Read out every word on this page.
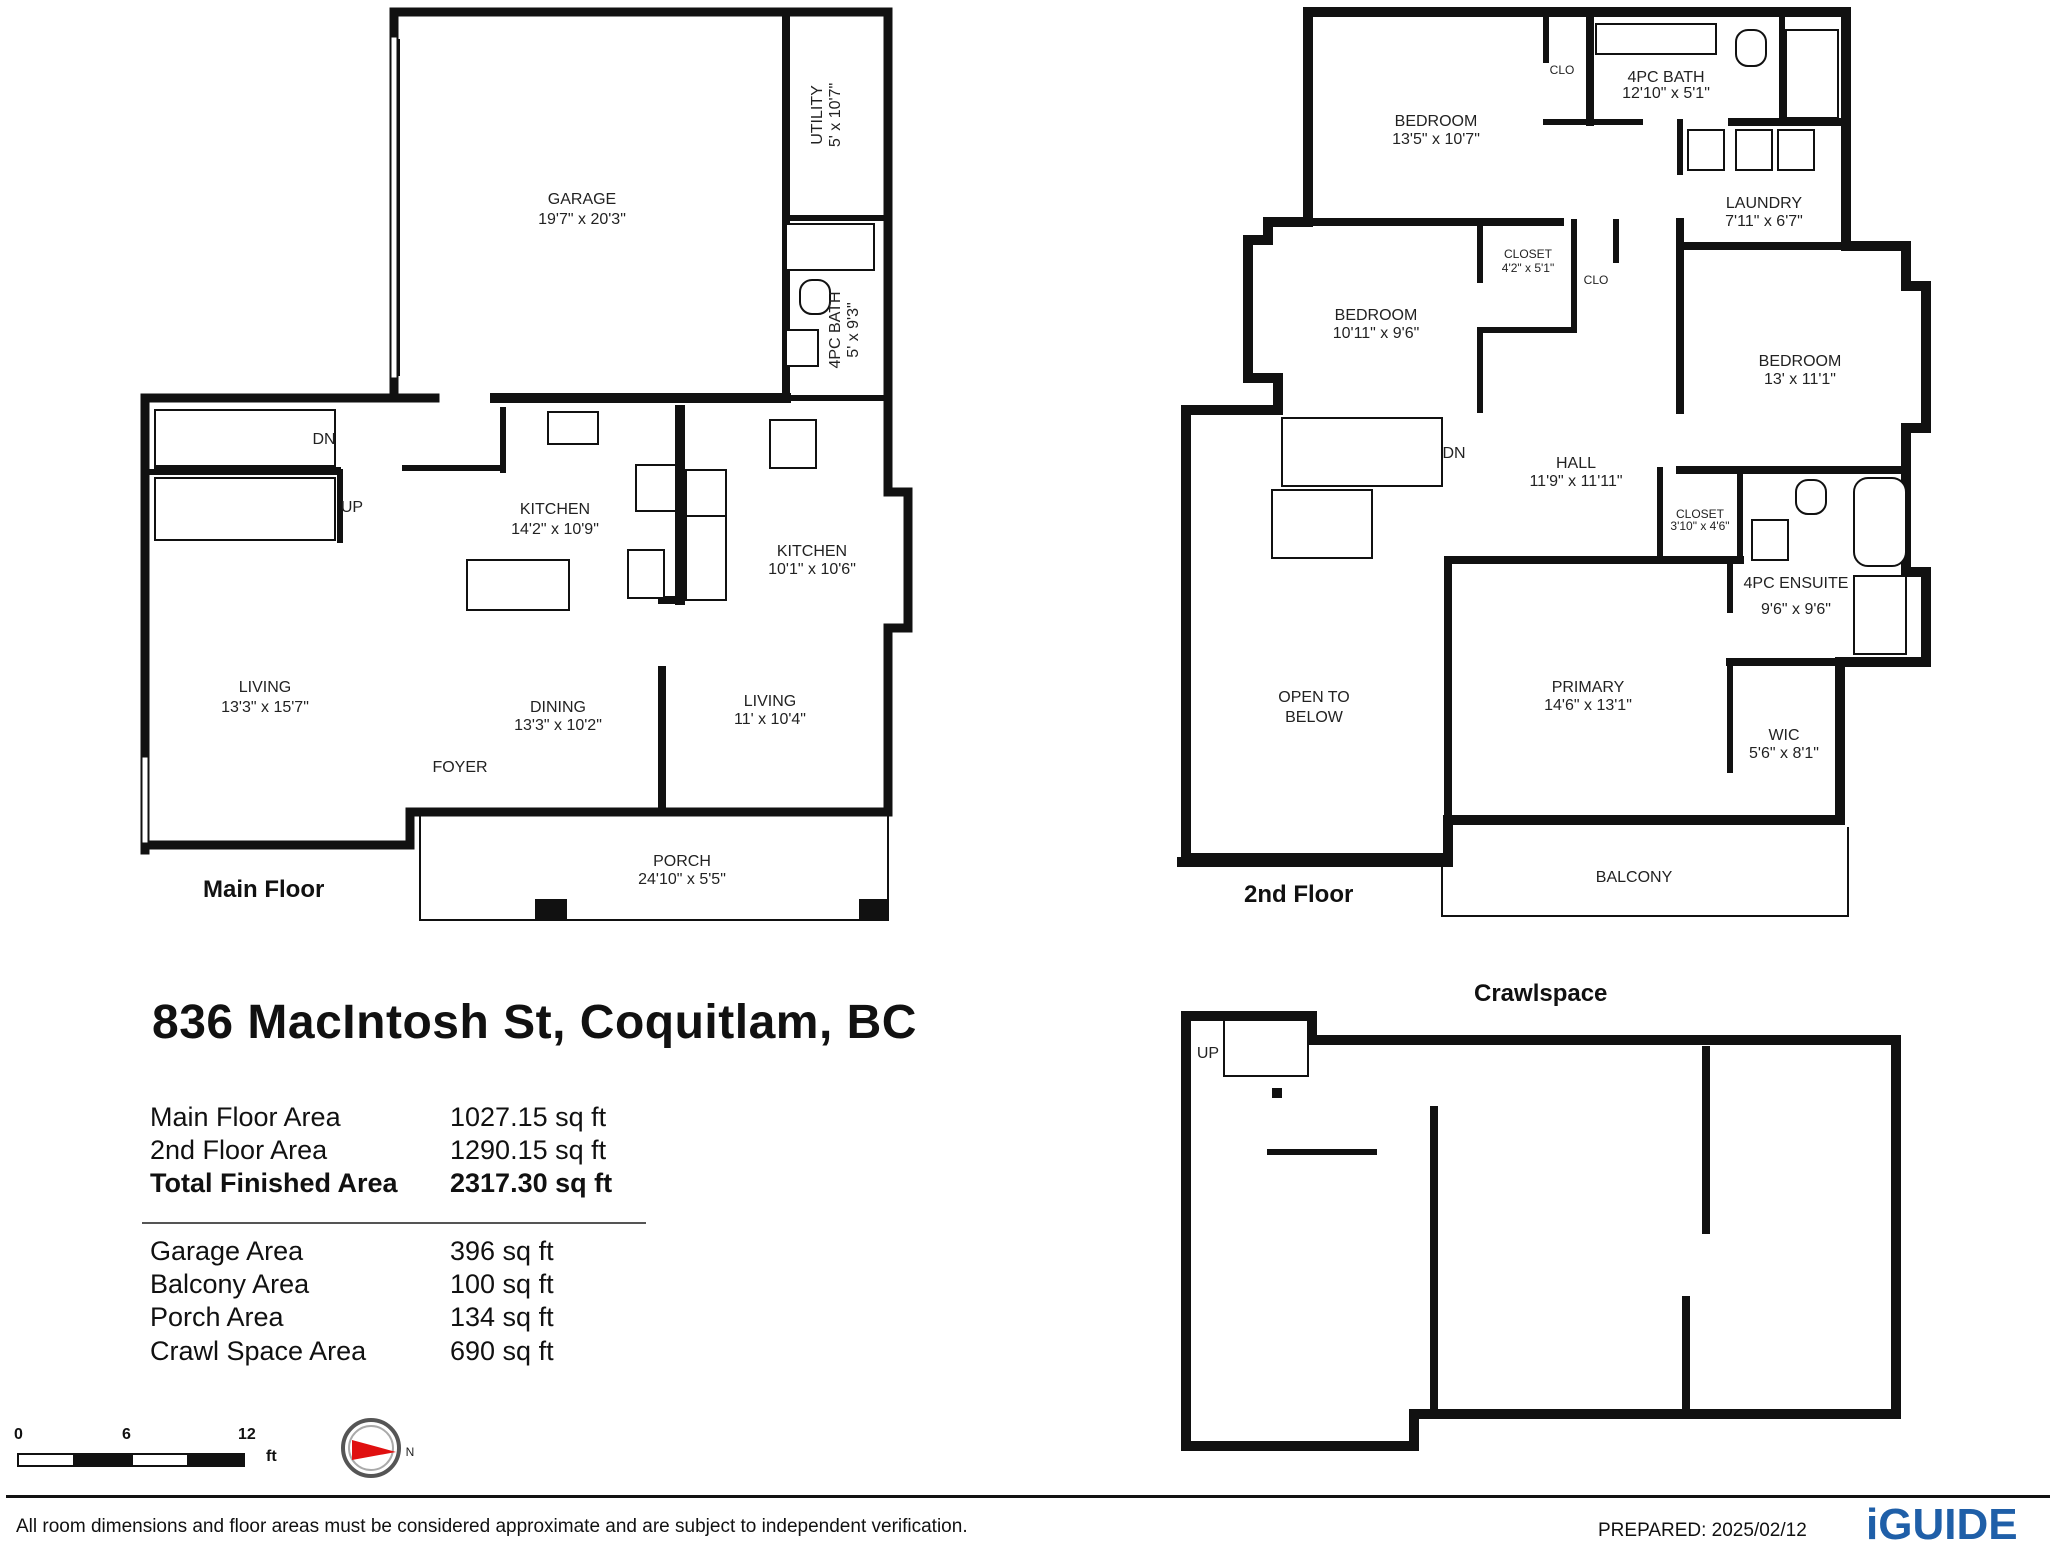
GARAGE
19'7" x 20'3"
UTILITY 5' x 10'7"
4PC BATH 5' x 9'3"
KITCHEN
14'2" x 10'9"
KITCHEN
10'1" x 10'6"
LIVING
13'3" x 15'7"	DINING
13'3" x 10'2"
LIVING
11' x 10'4"
FOYER
PORCH
24'10" x 5'5"
DN
UP
BEDROOM
13'5" x 10'7"
CLO	4PC BATH
12'10" x 5'1"
LAUNDRY
7'11" x 6'7"
BEDROOM
10'11" x 9'6"
CLOSET
4'2" x 5'1"
CLO
BEDROOM
13' x 11'1"
HALL
11'9" x 11'11"
DN
CLOSET
3'10" x 4'6"
4PC ENSUITE
9'6" x 9'6"
OPEN TO
BELOW
PRIMARY
14'6" x 13'1"
WIC
5'6" x 8'1"
BALCONY
UP
N
Main Floor	2nd Floor
Crawlspace
836 MacIntosh St, Coquitlam, BC
Main Floor Area	1027.15 sq ft
2nd Floor Area	1290.15 sq ft
Total Finished Area 2317.30 sq ft
Garage Area	396 sq ft
Balcony Area	100 sq ft
Porch Area	134 sq ft
Crawl Space Area	690 sq ft
0	6	12
ft
All room dimensions and floor areas must be considered approximate and are subject to independent verification.	PREPARED: 2025/02/12 iGUIDE
